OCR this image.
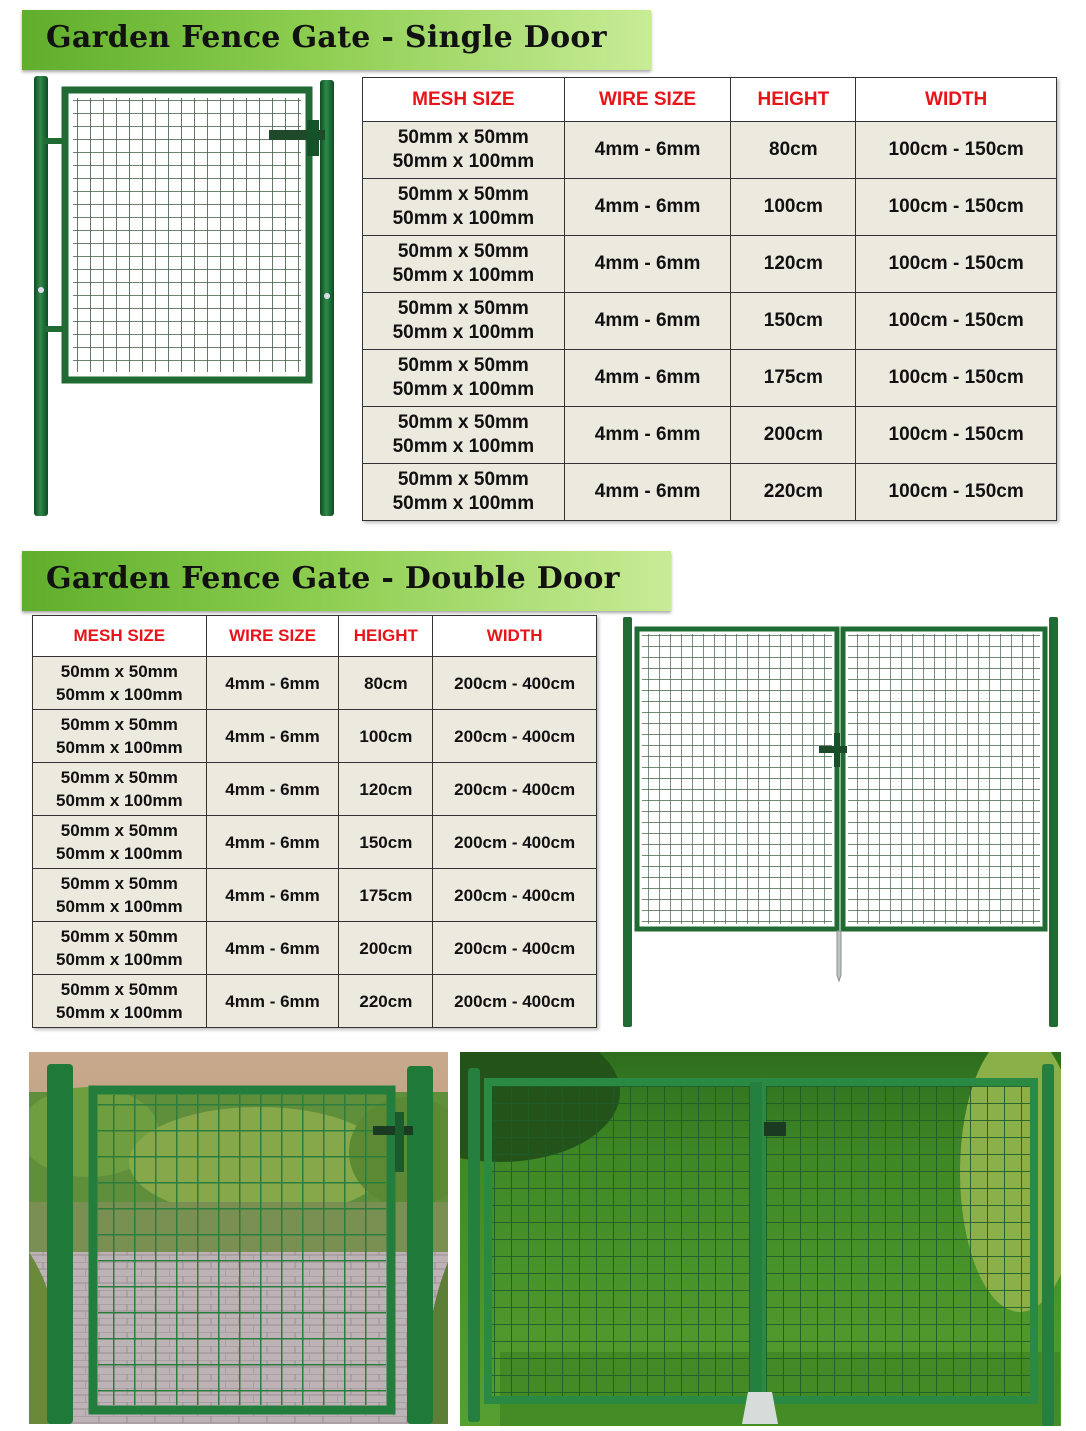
Garden Fence Gate - Single Door
MESH SIZE	WIRE SIZE	HEIGHT	WIDTH
50mm x 50mm
50mm x 100mm	4mm - 6mm	80cm	100cm - 150cm
50mm x 50mm
50mm x 100mm	4mm - 6mm	100cm	100cm - 150cm
50mm x 50mm
50mm x 100mm	4mm - 6mm	120cm	100cm - 150cm
50mm x 50mm
50mm x 100mm	4mm - 6mm	150cm	100cm - 150cm
50mm x 50mm
50mm x 100mm	4mm - 6mm	175cm	100cm - 150cm
50mm x 50mm
50mm x 100mm	4mm - 6mm	200cm	100cm - 150cm
50mm x 50mm
50mm x 100mm	4mm - 6mm	220cm	100cm - 150cm
Garden Fence Gate - Double Door
MESH SIZE	WIRE SIZE	HEIGHT	WIDTH
50mm x 50mm
50mm x 100mm	4mm - 6mm	80cm	200cm - 400cm
50mm x 50mm
50mm x 100mm	4mm - 6mm	100cm	200cm - 400cm
50mm x 50mm
50mm x 100mm	4mm - 6mm	120cm	200cm - 400cm
50mm x 50mm
50mm x 100mm	4mm - 6mm	150cm	200cm - 400cm
50mm x 50mm
50mm x 100mm	4mm - 6mm	175cm	200cm - 400cm
50mm x 50mm
50mm x 100mm	4mm - 6mm	200cm	200cm - 400cm
50mm x 50mm
50mm x 100mm	4mm - 6mm	220cm	200cm - 400cm
